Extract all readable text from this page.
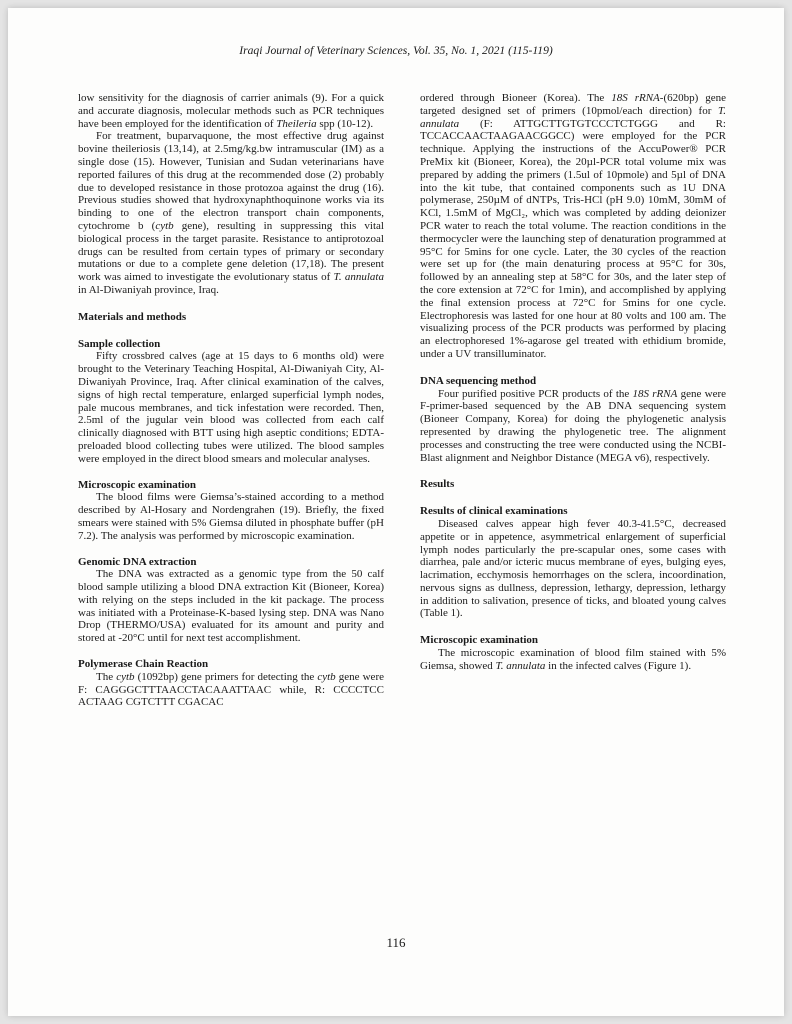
Iraqi Journal of Veterinary Sciences, Vol. 35, No. 1, 2021 (115-119)

low sensitivity for the diagnosis of carrier animals (9). For a quick and accurate diagnosis, molecular methods such as PCR techniques have been employed for the identification of Theileria spp (10-12).

For treatment, buparvaquone, the most effective drug against bovine theileriosis (13,14), at 2.5mg/kg.bw intramuscular (IM) as a single dose (15). However, Tunisian and Sudan veterinarians have reported failures of this drug at the recommended dose (2) probably due to developed resistance in those protozoa against the drug (16). Previous studies showed that hydroxynaphthoquinone works via its binding to one of the electron transport chain components, cytochrome b (cytb gene), resulting in suppressing this vital biological process in the target parasite. Resistance to antiprotozoal drugs can be resulted from certain types of primary or secondary mutations or due to a complete gene deletion (17,18). The present work was aimed to investigate the evolutionary status of T. annulata in Al-Diwaniyah province, Iraq.

Materials and methods

Sample collection

Fifty crossbred calves (age at 15 days to 6 months old) were brought to the Veterinary Teaching Hospital, Al-Diwaniyah City, Al-Diwaniyah Province, Iraq. After clinical examination of the calves, signs of high rectal temperature, enlarged superficial lymph nodes, pale mucous membranes, and tick infestation were recorded. Then, 2.5ml of the jugular vein blood was collected from each calf clinically diagnosed with BTT using high aseptic conditions; EDTA-preloaded blood collecting tubes were utilized. The blood samples were employed in the direct blood smears and molecular analyses.

Microscopic examination

The blood films were Giemsa’s-stained according to a method described by Al-Hosary and Nordengrahen (19). Briefly, the fixed smears were stained with 5% Giemsa diluted in phosphate buffer (pH 7.2). The analysis was performed by microscopic examination.

Genomic DNA extraction

The DNA was extracted as a genomic type from the 50 calf blood sample utilizing a blood DNA extraction Kit (Bioneer, Korea) with relying on the steps included in the kit package. The process was initiated with a Proteinase-K-based lysing step. DNA was Nano Drop (THERMO/USA) evaluated for its amount and purity and stored at -20°C until for next test accomplishment.

Polymerase Chain Reaction

The cytb (1092bp) gene primers for detecting the cytb gene were F: CAGGGCTTTAACCTACAAATTAAC while, R: CCCCTCC ACTAAG CGTCTTT CGACAC

ordered through Bioneer (Korea). The 18S rRNA-(620bp) gene targeted designed set of primers (10pmol/each direction) for T. annulata (F: ATTGCTTGTGTCCCTCTGGG and R: TCCACCAACTAAGAACGGCC) were employed for the PCR technique. Applying the instructions of the AccuPower® PCR PreMix kit (Bioneer, Korea), the 20µl-PCR total volume mix was prepared by adding the primers (1.5ul of 10pmole) and 5µl of DNA into the kit tube, that contained components such as 1U DNA polymerase, 250µM of dNTPs, Tris-HCl (pH 9.0) 10mM, 30mM of KCl, 1.5mM of MgCl₂, which was completed by adding deionizer PCR water to reach the total volume. The reaction conditions in the thermocycler were the launching step of denaturation programmed at 95°C for 5mins for one cycle. Later, the 30 cycles of the reaction were set up for (the main denaturing process at 95°C for 30s, followed by an annealing step at 58°C for 30s, and the later step of the core extension at 72°C for 1min), and accomplished by applying the final extension process at 72°C for 5mins for one cycle. Electrophoresis was lasted for one hour at 80 volts and 100 am. The visualizing process of the PCR products was performed by placing an electrophoresed 1%-agarose gel treated with ethidium bromide, under a UV transilluminator.

DNA sequencing method

Four purified positive PCR products of the 18S rRNA gene were F-primer-based sequenced by the AB DNA sequencing system (Bioneer Company, Korea) for doing the phylogenetic analysis represented by drawing the phylogenetic tree. The alignment processes and constructing the tree were conducted using the NCBI-Blast alignment and Neighbor Distance (MEGA v6), respectively.

Results

Results of clinical examinations

Diseased calves appear high fever 40.3-41.5°C, decreased appetite or in appetence, asymmetrical enlargement of superficial lymph nodes particularly the pre-scapular ones, some cases with diarrhea, pale and/or icteric mucus membrane of eyes, bulging eyes, lacrimation, ecchymosis hemorrhages on the sclera, incoordination, nervous signs as dullness, depression, lethargy, depression, lethargy in addition to salivation, presence of ticks, and bloated young calves (Table 1).

Microscopic examination

The microscopic examination of blood film stained with 5% Giemsa, showed T. annulata in the infected calves (Figure 1).

116
